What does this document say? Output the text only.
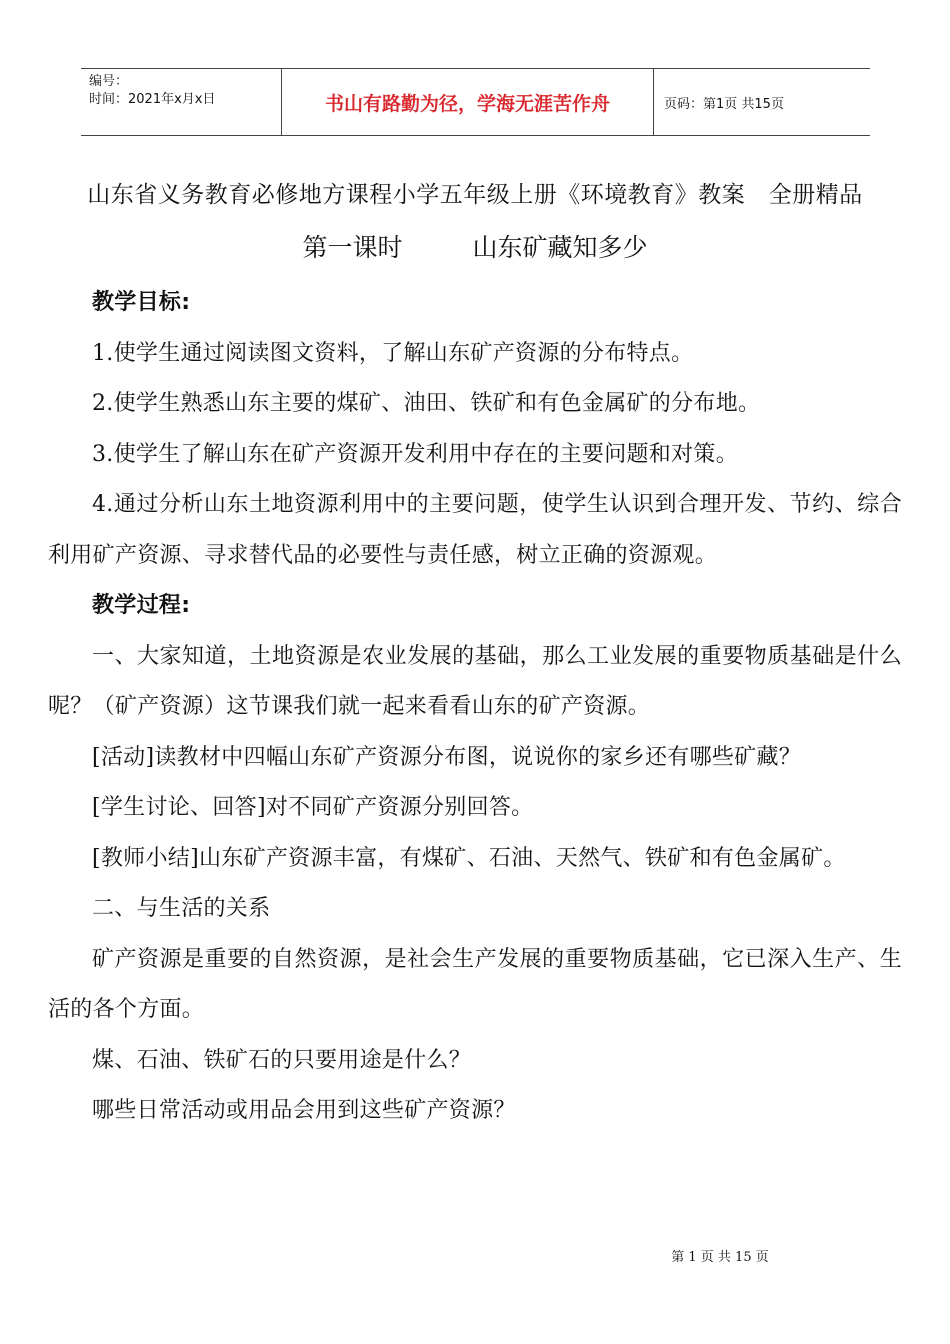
编号：
时间：2021年x月x日	书山有路勤为径，学海无涯苦作舟	页码：第1页 共15页
山东省义务教育必修地方课程小学五年级上册《环境教育》教案　全册精品
第一课时	山东矿藏知多少

教学目标:

1.使学生通过阅读图文资料，了解山东矿产资源的分布特点。

2.使学生熟悉山东主要的煤矿、油田、铁矿和有色金属矿的分布地。

3.使学生了解山东在矿产资源开发利用中存在的主要问题和对策。

4.通过分析山东土地资源利用中的主要问题，使学生认识到合理开发、节约、综合利用矿产资源、寻求替代品的必要性与责任感，树立正确的资源观。

教学过程:

一、大家知道，土地资源是农业发展的基础，那么工业发展的重要物质基础是什么呢？（矿产资源）这节课我们就一起来看看山东的矿产资源。

[活动]读教材中四幅山东矿产资源分布图，说说你的家乡还有哪些矿藏？

[学生讨论、回答]对不同矿产资源分别回答。

[教师小结]山东矿产资源丰富，有煤矿、石油、天然气、铁矿和有色金属矿。

二、与生活的关系

矿产资源是重要的自然资源，是社会生产发展的重要物质基础，它已深入生产、生活的各个方面。

煤、石油、铁矿石的只要用途是什么？

哪些日常活动或用品会用到这些矿产资源？

第 1 页 共 15 页
